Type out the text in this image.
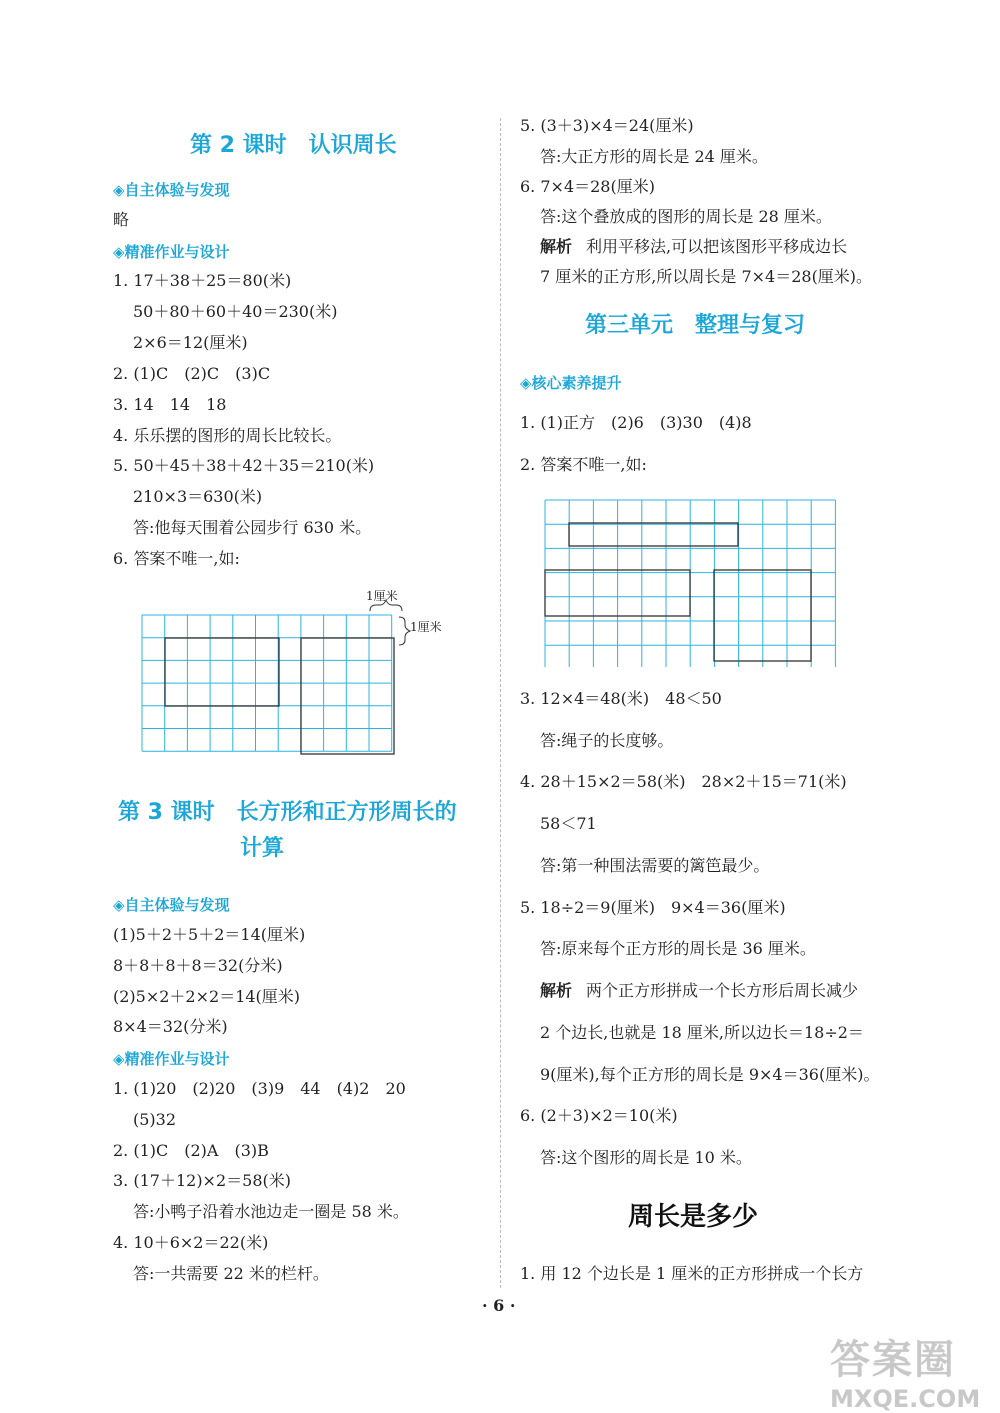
第 2 课时　认识周长
◈自主体验与发现
略
◈精准作业与设计
1. 17＋38＋25＝80(米)
50＋80＋60＋40＝230(米)
2×6＝12(厘米)
2. (1)C　(2)C　(3)C
3. 14　14　18
4. 乐乐摆的图形的周长比较长。
5. 50＋45＋38＋42＋35＝210(米)
210×3＝630(米)
答:他每天围着公园步行 630 米。
6. 答案不唯一,如:
1厘米
1厘米
第 3 课时　长方形和正方形周长的
计算
◈自主体验与发现
(1)5＋2＋5＋2＝14(厘米)
8＋8＋8＋8＝32(分米)
(2)5×2＋2×2＝14(厘米)
8×4＝32(分米)
◈精准作业与设计
1. (1)20　(2)20　(3)9　44　(4)2　20
(5)32
2. (1)C　(2)A　(3)B
3. (17＋12)×2＝58(米)
答:小鸭子沿着水池边走一圈是 58 米。
4. 10＋6×2＝22(米)
答:一共需要 22 米的栏杆。
5. (3＋3)×4＝24(厘米)
答:大正方形的周长是 24 厘米。
6. 7×4＝28(厘米)
答:这个叠放成的图形的周长是 28 厘米。
解析 利用平移法,可以把该图形平移成边长
7 厘米的正方形,所以周长是 7×4＝28(厘米)。
第三单元　整理与复习
◈核心素养提升
1. (1)正方　(2)6　(3)30　(4)8
2. 答案不唯一,如:
3. 12×4＝48(米)　48＜50
答:绳子的长度够。
4. 28＋15×2＝58(米)　28×2＋15＝71(米)
58＜71
答:第一种围法需要的篱笆最少。
5. 18÷2＝9(厘米)　9×4＝36(厘米)
答:原来每个正方形的周长是 36 厘米。
解析 两个正方形拼成一个长方形后周长减少
2 个边长,也就是 18 厘米,所以边长＝18÷2＝
9(厘米),每个正方形的周长是 9×4＝36(厘米)。
6. (2＋3)×2＝10(米)
答:这个图形的周长是 10 米。
周长是多少
1. 用 12 个边长是 1 厘米的正方形拼成一个长方
· 6 ·
答案圈
MXQE.COM
